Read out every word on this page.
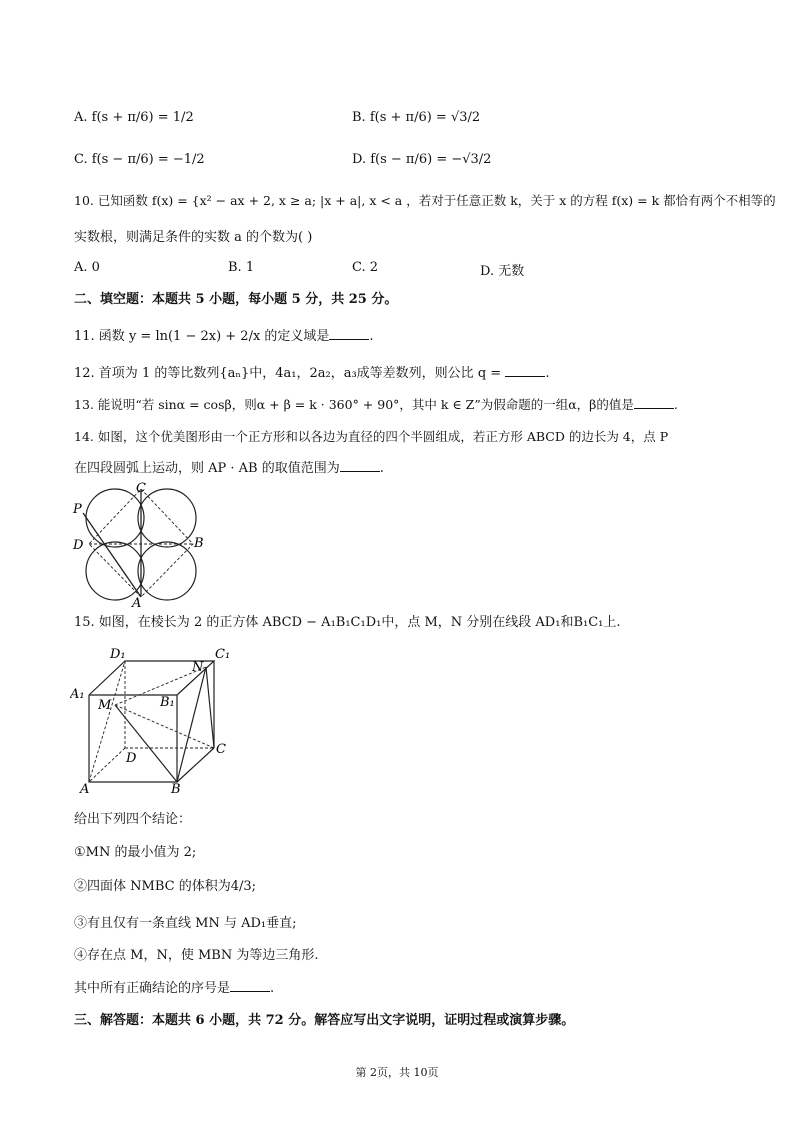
A. f(s + π/6) = 1/2	B. f(s + π/6) = √3/2
C. f(s − π/6) = −1/2	D. f(s − π/6) = −√3/2
10. 已知函数 f(x) = {x² − ax + 2, x ≥ a; |x + a|, x < a ，若对于任意正数 k，关于 x 的方程 f(x) = k 都恰有两个不相等的
实数根，则满足条件的实数 a 的个数为( )
A. 0	B. 1	C. 2	D. 无数
二、填空题：本题共 5 小题，每小题 5 分，共 25 分。
11. 函数 y = ln(1 − 2x) + 2/x 的定义域是	.
12. 首项为 1 的等比数列{aₙ}中，4a₁，2a₂，a₃成等差数列，则公比 q =	.
13. 能说明“若 sinα = cosβ，则α + β = k · 360° + 90°，其中 k ∈ Z”为假命题的一组α，β的值是	.
14. 如图，这个优美图形由一个正方形和以各边为直径的四个半圆组成，若正方形 ABCD 的边长为 4，点 P
在四段圆弧上运动，则 AP · AB 的取值范围为	.
C
P
D	B
A
15. 如图，在棱长为 2 的正方体 ABCD − A₁B₁C₁D₁中，点 M，N 分别在线段 AD₁和B₁C₁上.
D₁	C₁
N
A₁
M	B₁
C
D
A	B
给出下列四个结论：
①MN 的最小值为 2;
②四面体 NMBC 的体积为4/3;
③有且仅有一条直线 MN 与 AD₁垂直;
④存在点 M，N，使 MBN 为等边三角形.
其中所有正确结论的序号是	.
三、解答题：本题共 6 小题，共 72 分。解答应写出文字说明，证明过程或演算步骤。
第 2页，共 10页
